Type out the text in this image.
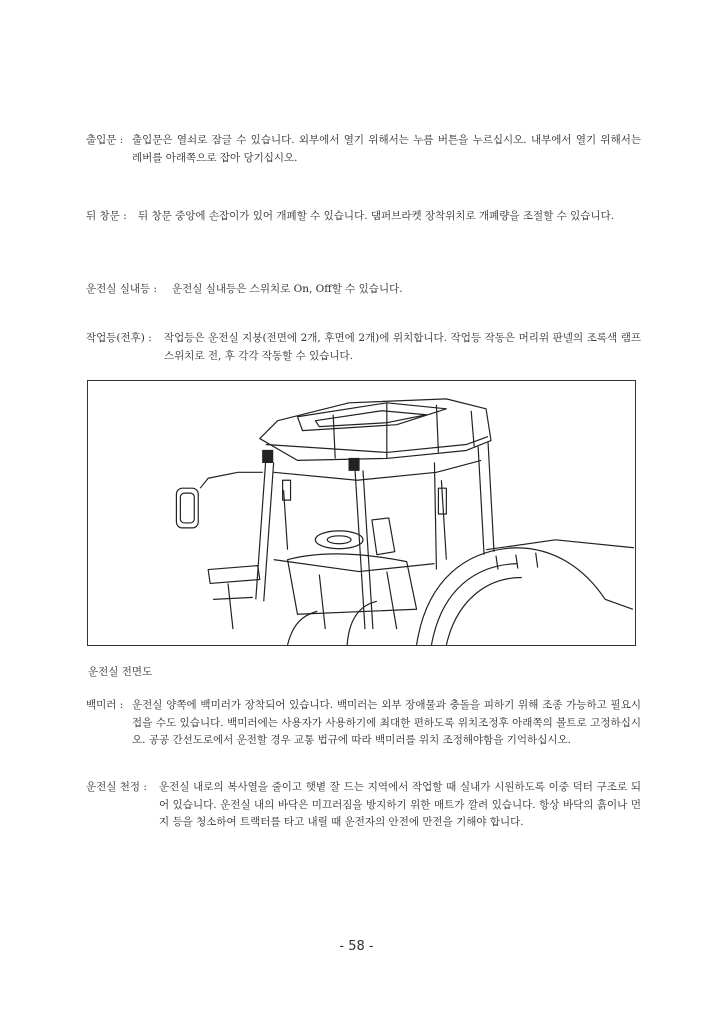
출입문 : 출입문은 열쇠로 잠글 수 있습니다. 외부에서 열기 위해서는 누름 버튼을 누르십시오. 내부에서 열기 위해서는 레버를 아래쪽으로 잡아 당기십시오.
뒤 창문 :	뒤 창문 중앙에 손잡이가 있어 개폐할 수 있습니다. 댐퍼브라켓 장착위치로 개폐량을 조절할 수 있습니다.
운전실 실내등 :	운전실 실내등은 스위치로 On, Off할 수 있습니다.
작업등(전후) :	작업등은 운전실 지붕(전면에 2개, 후면에 2개)에 위치합니다. 작업등 작동은 머리위 판넬의 조록색 램프 스위치로 전, 후 각각 작동할 수 있습니다.
운전실 전면도
백미러 : 운전실 양쪽에 백미러가 장착되어 있습니다. 백미러는 외부 장애물과 충돌을 피하기 위해 조종 가능하고 필요시 접을 수도 있습니다. 백미러에는 사용자가 사용하기에 최대한 편하도록 위치조정후 아래쪽의 볼트로 고정하십시오. 공공 간선도로에서 운전할 경우 교통 법규에 따라 백미러를 위치 조정해야함을 기억하십시오.
운전실 천정 :	운전실 내로의 복사열을 줄이고 햇볕 잘 드는 지역에서 작업할 때 실내가 시원하도록 이중 덕터 구조로 되어 있습니다. 운전실 내의 바닥은 미끄러짐을 방지하기 위한 매트가 깔려 있습니다. 항상 바닥의 흙이나 먼지 등을 청소하여 트랙터를 타고 내릴 때 운전자의 안전에 만전을 기해야 합니다.
- 58 -
